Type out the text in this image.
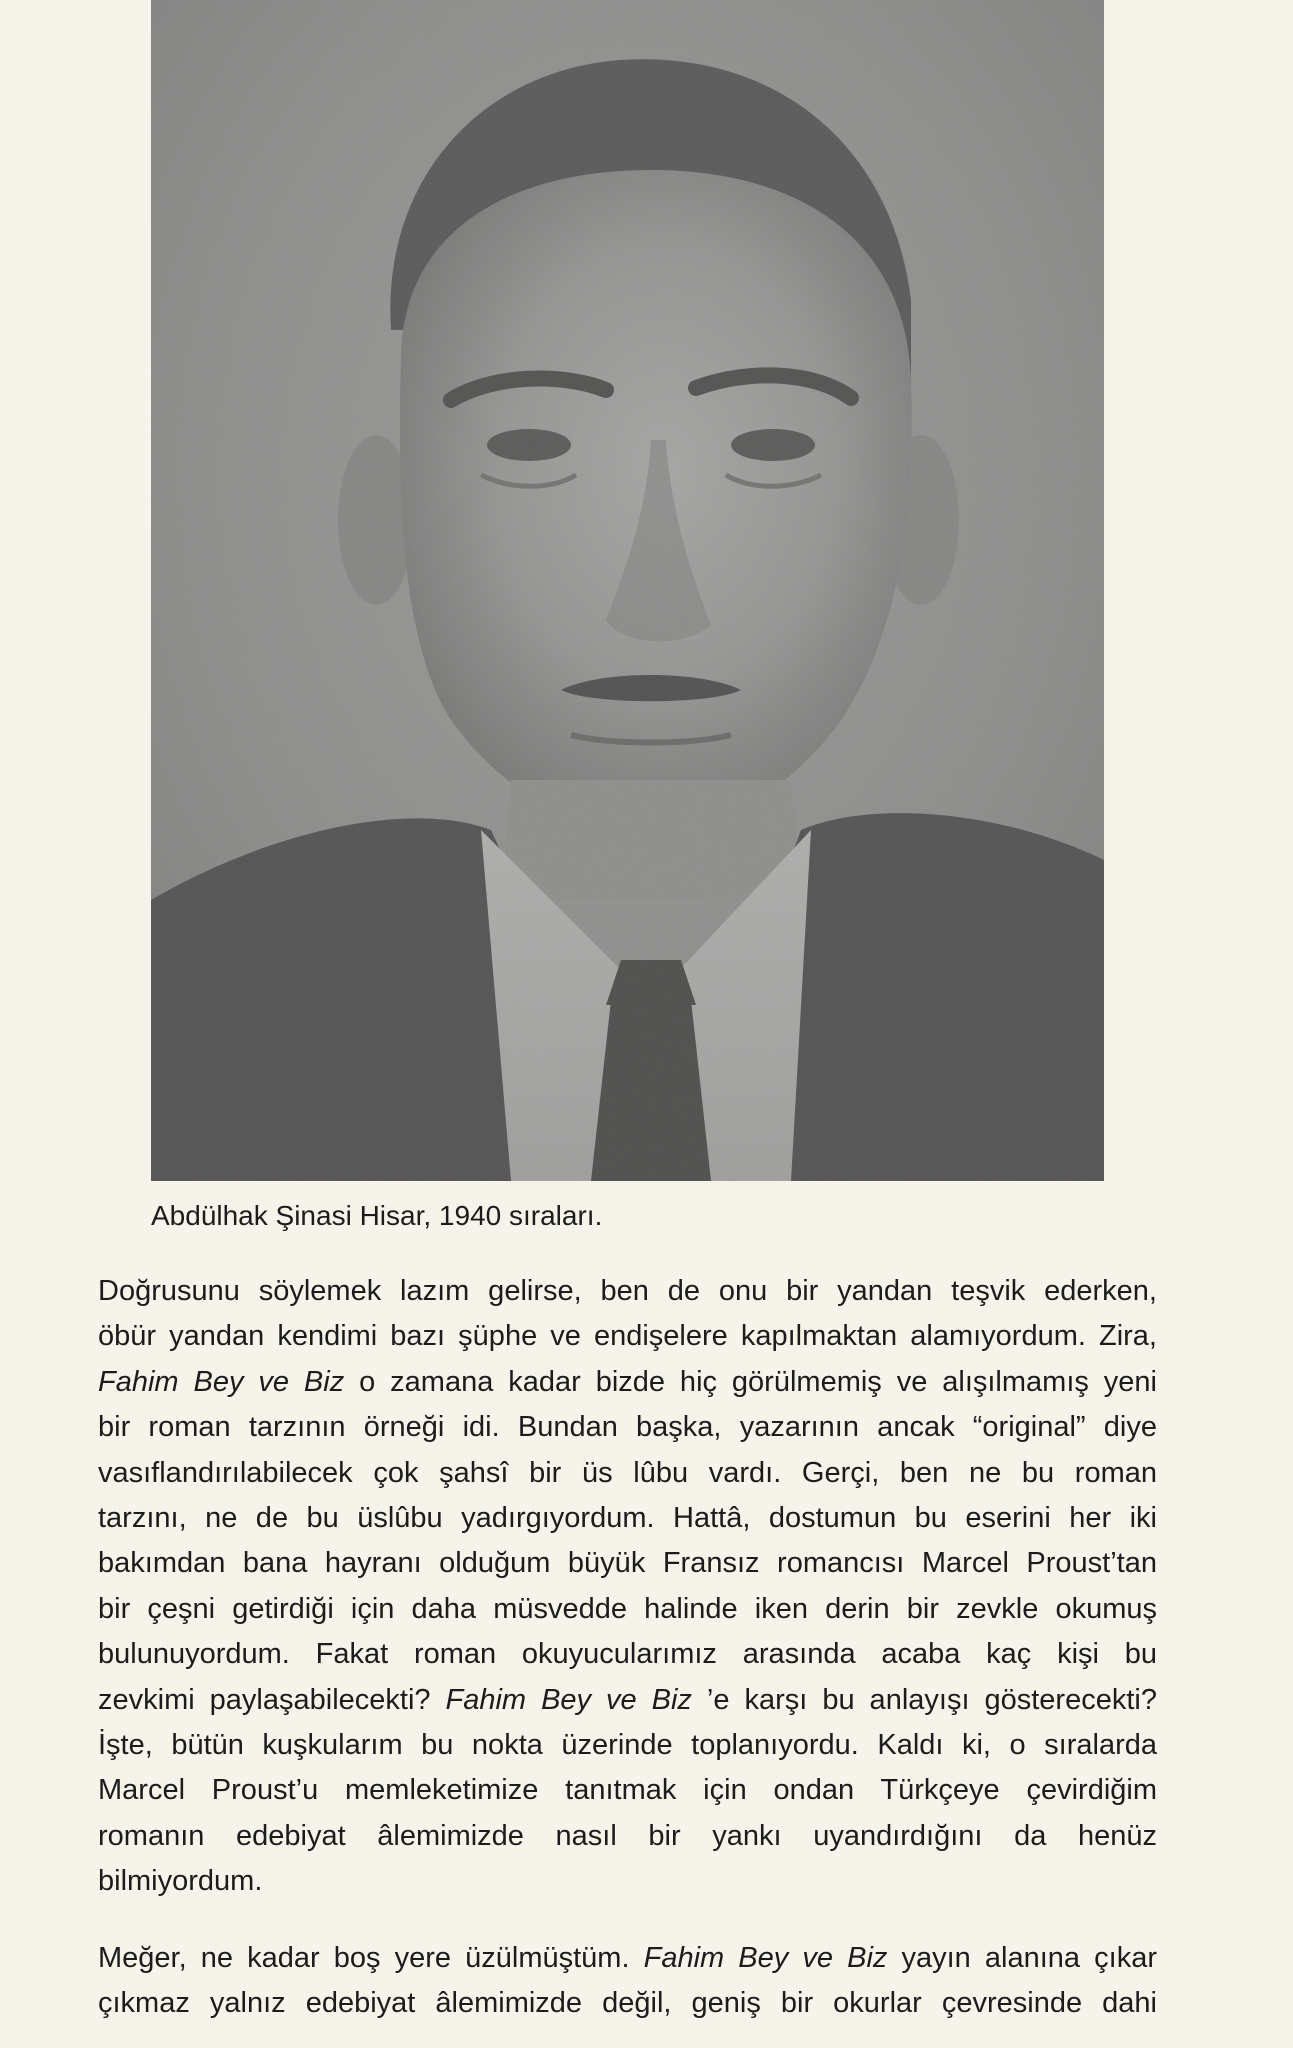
Abdülhak Şinasi Hisar, 1940 sıraları.

Doğrusunu söylemek lazım gelirse, ben de onu bir yandan teşvik ederken,
öbür yandan kendimi bazı şüphe ve endişelere kapılmaktan alamıyordum. Zira,
Fahim Bey ve Biz o zamana kadar bizde hiç görülmemiş ve alışılmamış yeni
bir roman tarzının örneği idi. Bundan başka, yazarının ancak “original” diye
vasıflandırılabilecek çok şahsî bir üs lûbu vardı. Gerçi, ben ne bu roman
tarzını, ne de bu üslûbu yadırgıyordum. Hattâ, dostumun bu eserini her iki
bakımdan bana hayranı olduğum büyük Fransız romancısı Marcel Proust’tan
bir çeşni getirdiği için daha müsvedde halinde iken derin bir zevkle okumuş
bulunuyordum. Fakat roman okuyucularımız arasında acaba kaç kişi bu
zevkimi paylaşabilecekti? Fahim Bey ve Biz ’e karşı bu anlayışı gösterecekti?
İşte, bütün kuşkularım bu nokta üzerinde toplanıyordu. Kaldı ki, o sıralarda
Marcel Proust’u memleketimize tanıtmak için ondan Türkçeye çevirdiğim
romanın edebiyat âlemimizde nasıl bir yankı uyandırdığını da henüz
bilmiyordum.
Meğer, ne kadar boş yere üzülmüştüm. Fahim Bey ve Biz yayın alanına çıkar
çıkmaz yalnız edebiyat âlemimizde değil, geniş bir okurlar çevresinde dahi
